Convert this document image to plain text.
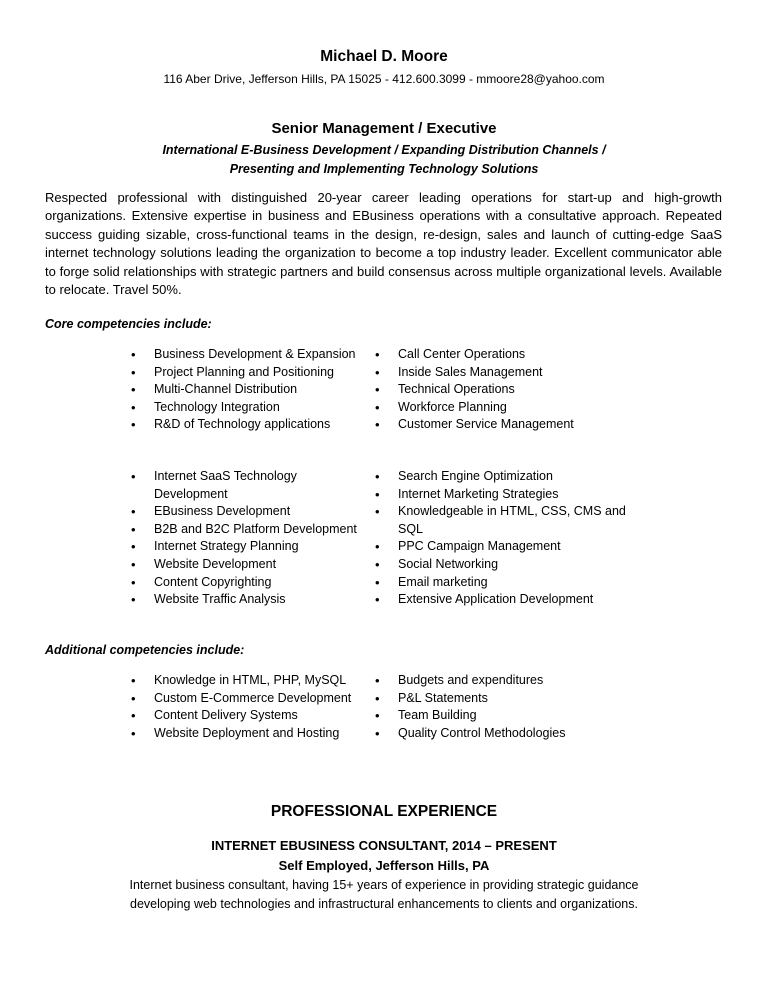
Michael D. Moore
116 Aber Drive, Jefferson Hills, PA 15025 - 412.600.3099 - mmoore28@yahoo.com
Senior Management / Executive
International E-Business Development / Expanding Distribution Channels /
Presenting and Implementing Technology Solutions
Respected professional with distinguished 20-year career leading operations for start-up and high-growth organizations. Extensive expertise in business and EBusiness operations with a consultative approach. Repeated success guiding sizable, cross-functional teams in the design, re-design, sales and launch of cutting-edge SaaS internet technology solutions leading the organization to become a top industry leader. Excellent communicator able to forge solid relationships with strategic partners and build consensus across multiple organizational levels. Available to relocate. Travel 50%.
Core competencies include:
• Business Development & Expansion
• Project Planning and Positioning
• Multi-Channel Distribution
• Technology Integration
• R&D of Technology applications
• Call Center Operations
• Inside Sales Management
• Technical Operations
• Workforce Planning
• Customer Service Management
• Internet SaaS Technology Development
• EBusiness Development
• B2B and B2C Platform Development
• Internet Strategy Planning
• Website Development
• Content Copyrighting
• Website Traffic Analysis
• Search Engine Optimization
• Internet Marketing Strategies
• Knowledgeable in HTML, CSS, CMS and SQL
• PPC Campaign Management
• Social Networking
• Email marketing
• Extensive Application Development
Additional competencies include:
• Knowledge in HTML, PHP, MySQL
• Custom E-Commerce Development
• Content Delivery Systems
• Website Deployment and Hosting
• Budgets and expenditures
• P&L Statements
• Team Building
• Quality Control Methodologies
PROFESSIONAL EXPERIENCE
INTERNET EBUSINESS CONSULTANT, 2014 – PRESENT
Self Employed, Jefferson Hills, PA
Internet business consultant, having 15+ years of experience in providing strategic guidance
developing web technologies and infrastructural enhancements to clients and organizations.
